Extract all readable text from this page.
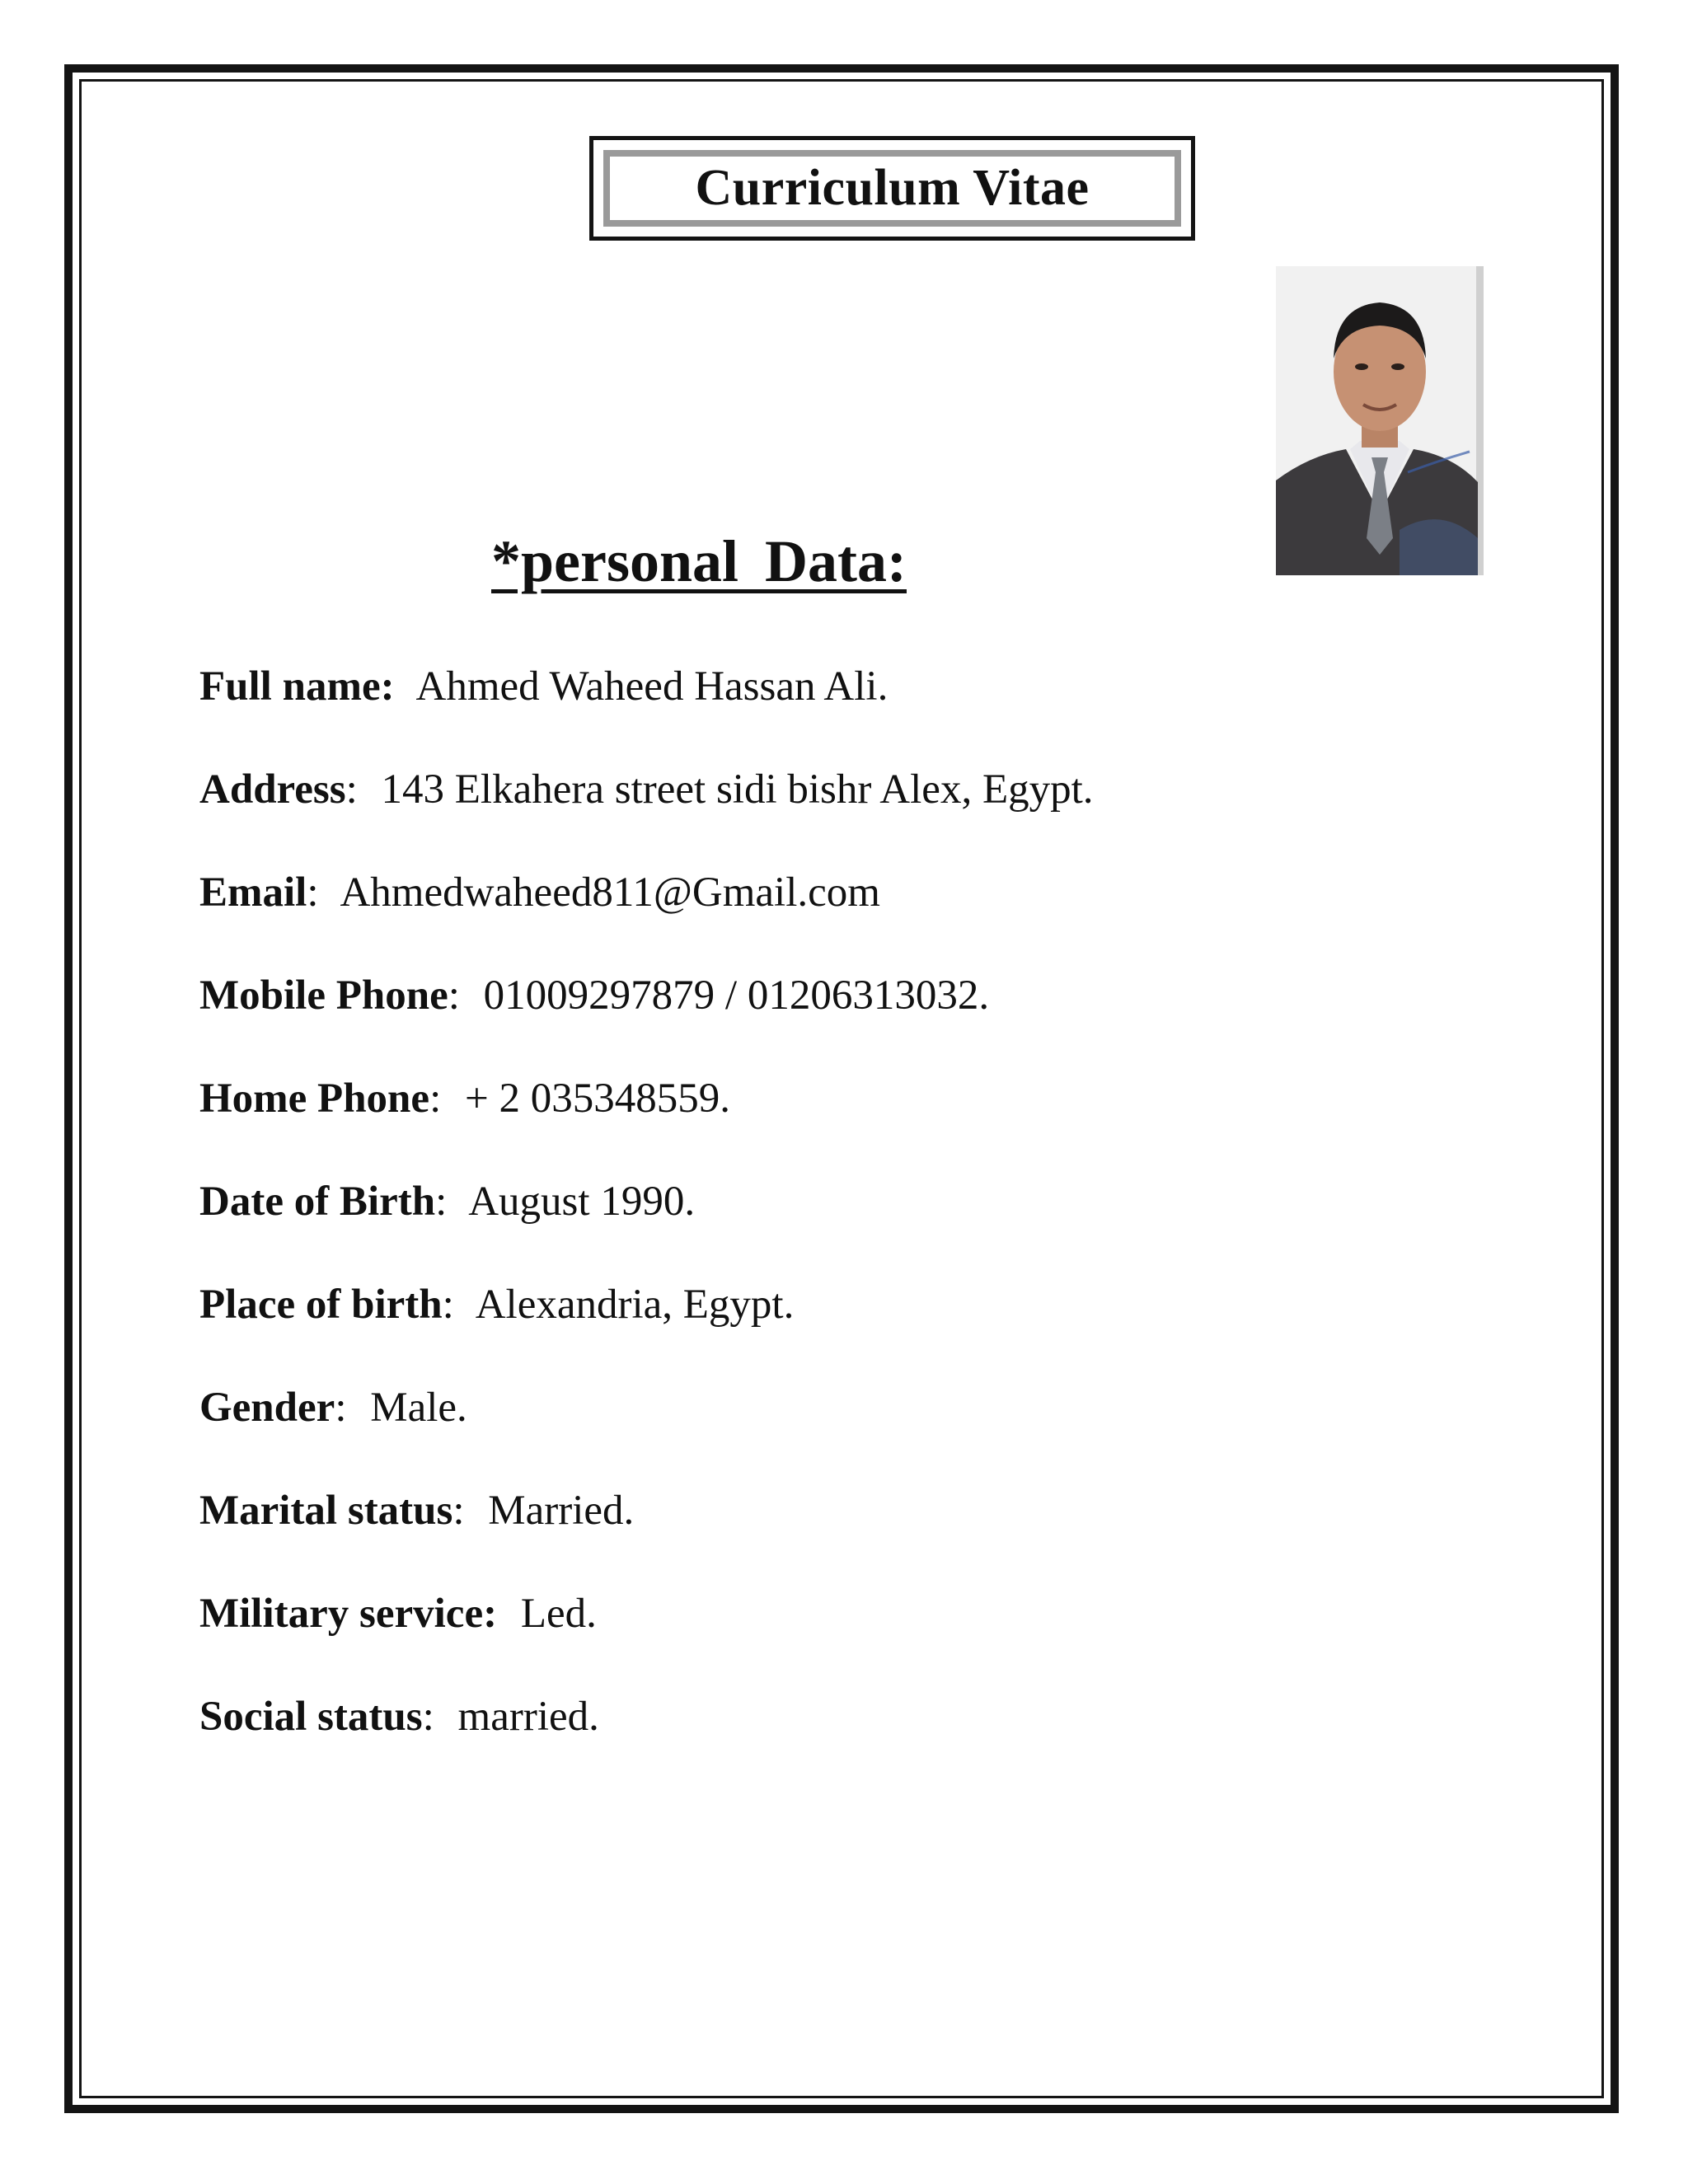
Curriculum Vitae
*personal Data:
Full name: Ahmed Waheed Hassan Ali.
Address: 143 Elkahera street sidi bishr Alex, Egypt.
Email: Ahmedwaheed811@Gmail.com
Mobile Phone: 01009297879 / 01206313032.
Home Phone: + 2 035348559.
Date of Birth: August 1990.
Place of birth: Alexandria, Egypt.
Gender: Male.
Marital status: Married.
Military service: Led.
Social status: married.
